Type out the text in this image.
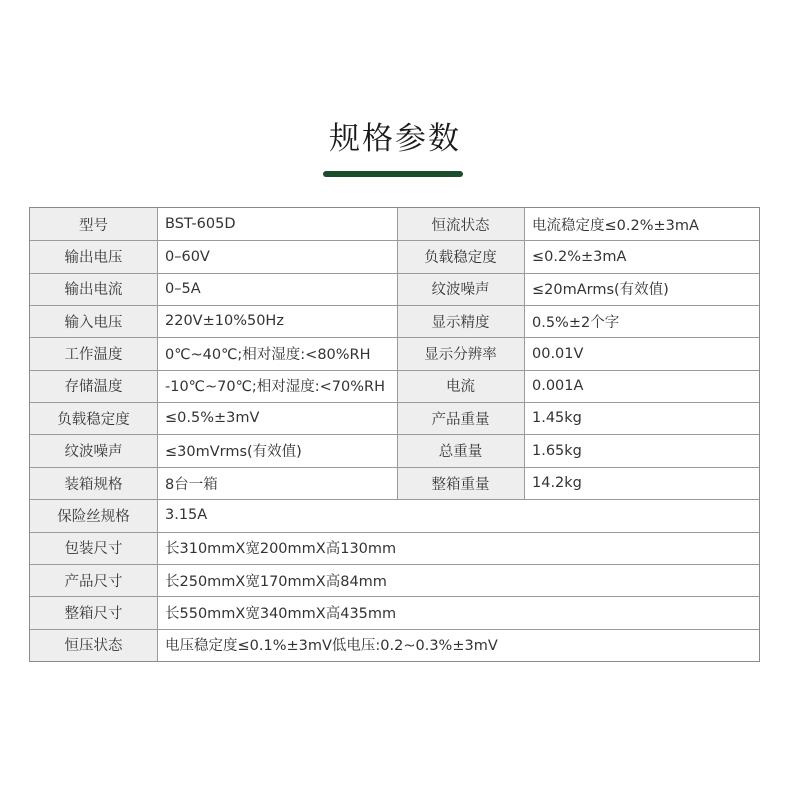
规格参数
型号	BST-605D	恒流状态	电流稳定度≤0.2%±3mA
输出电压	0–60V	负载稳定度	≤0.2%±3mA
输出电流	0–5A	纹波噪声	≤20mArms(有效值)
输入电压	220V±10%50Hz	显示精度	0.5%±2个字
工作温度	0℃~40℃;相对湿度:<80%RH	显示分辨率	00.01V
存储温度	-10℃~70℃;相对湿度:<70%RH	电流	0.001A
负载稳定度	≤0.5%±3mV	产品重量	1.45kg
纹波噪声	≤30mVrms(有效值)	总重量	1.65kg
装箱规格	8台一箱	整箱重量	14.2kg
保险丝规格	3.15A
包装尺寸	长310mmX宽200mmX高130mm
产品尺寸	长250mmX宽170mmX高84mm
整箱尺寸	长550mmX宽340mmX高435mm
恒压状态	电压稳定度≤0.1%±3mV低电压:0.2~0.3%±3mV
